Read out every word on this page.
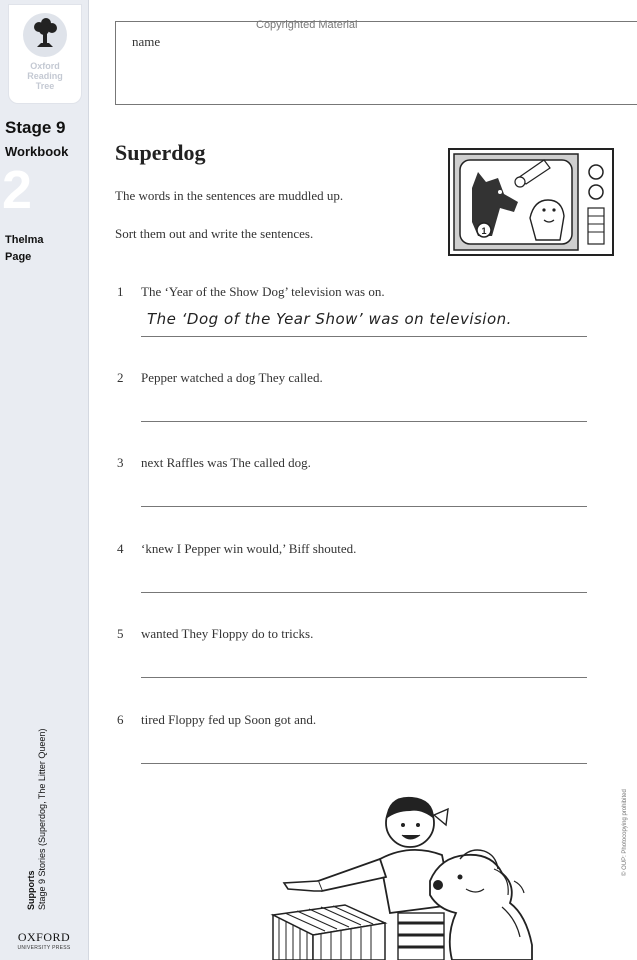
Oxford
Reading
Tree
Stage 9
Workbook
2
Thelma
Page
Supports Stage 9 Stories (Superdog, The Litter Queen)
OXFORD
UNIVERSITY PRESS
Copyrighted Material
name
Superdog
The words in the sentences are muddled up.
Sort them out and write the sentences.	1
1 The ‘Year of the Show Dog’ television was on.
The ‘Dog of the Year Show’ was on television.
2 Pepper watched a dog They called.
3 next Raffles was The called dog.
4 ‘knew I Pepper win would,’ Biff shouted.
5 wanted They Floppy do to tricks.
6 tired Floppy fed up Soon got and.
© OUP: Photocopying prohibited
